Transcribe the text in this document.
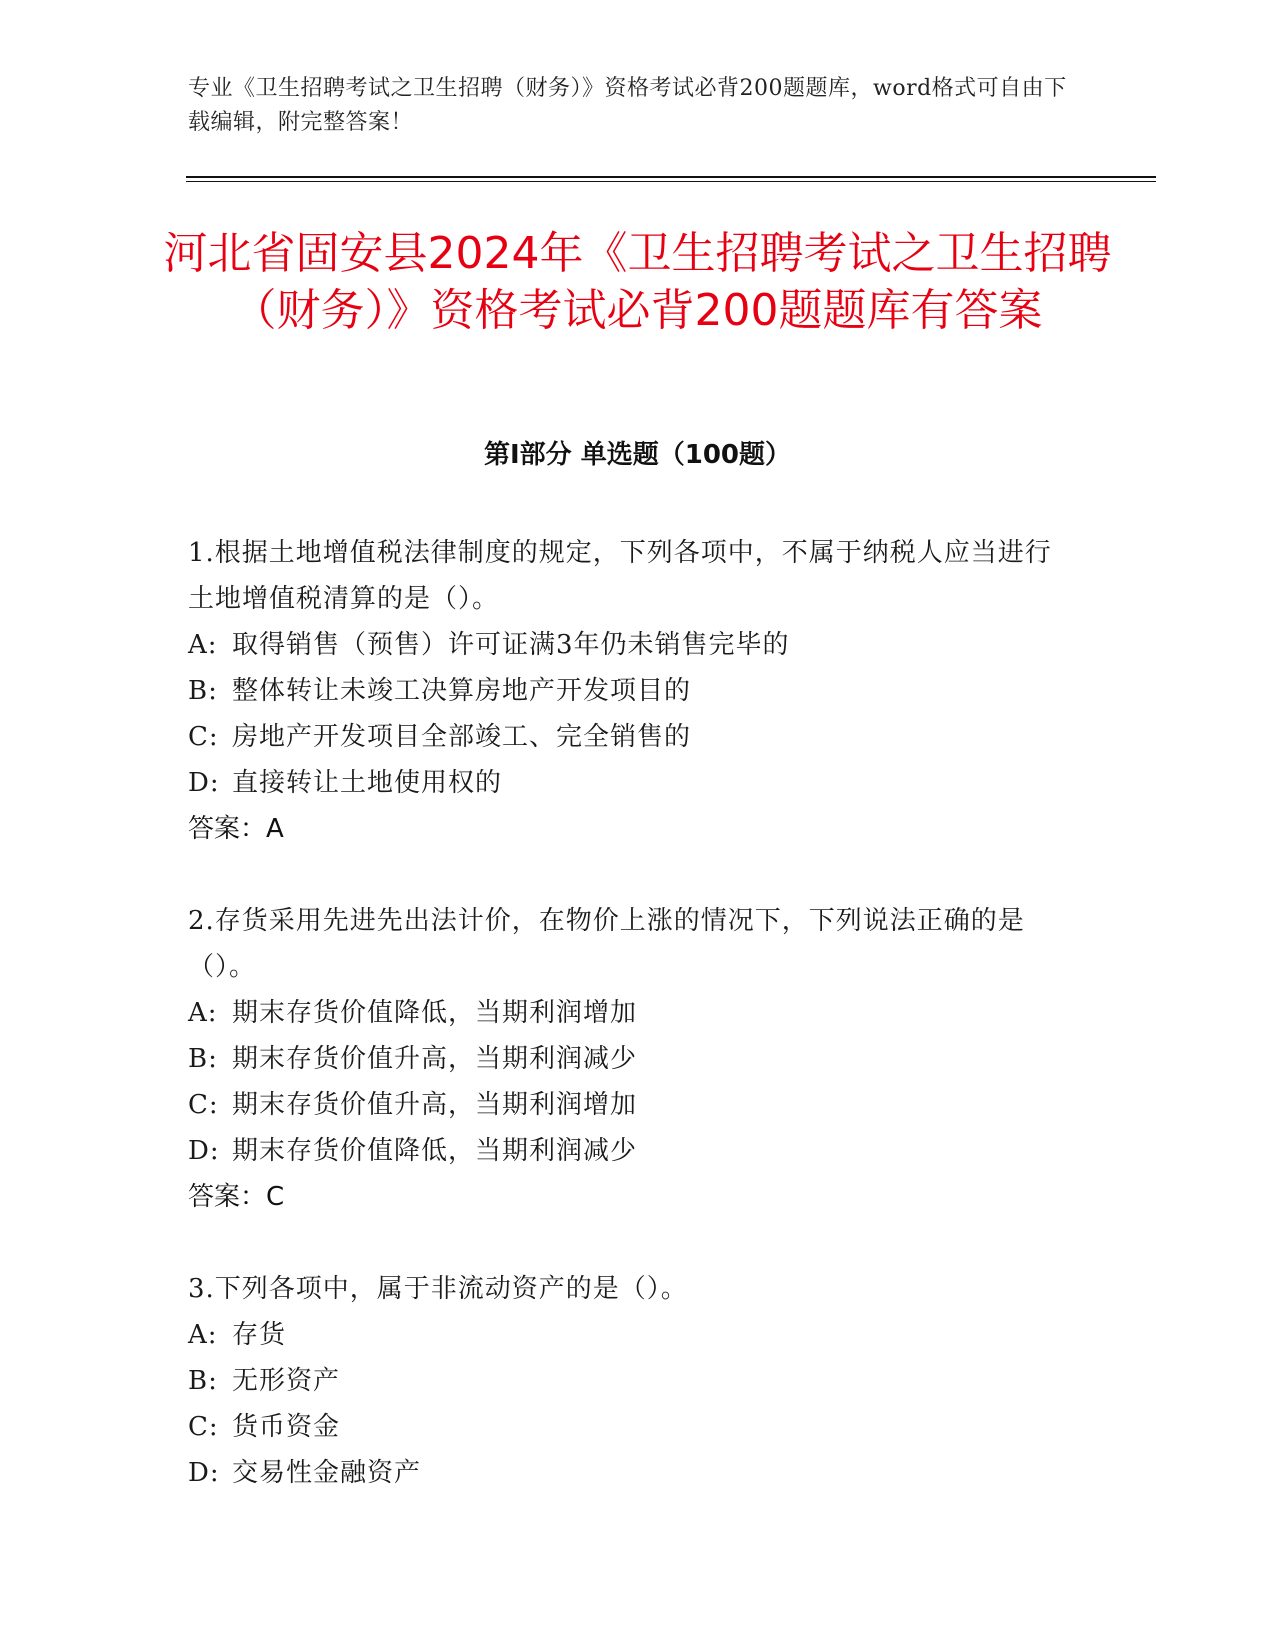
专业《卫生招聘考试之卫生招聘（财务）》资格考试必背200题题库，word格式可自由下载编辑，附完整答案！
河北省固安县2024年《卫生招聘考试之卫生招聘（财务）》资格考试必背200题题库有答案
第I部分 单选题（100题）

1.根据土地增值税法律制度的规定，下列各项中，不属于纳税人应当进行土地增值税清算的是（）。

A: 取得销售（预售）许可证满3年仍未销售完毕的

B: 整体转让未竣工决算房地产开发项目的

C: 房地产开发项目全部竣工、完全销售的

D: 直接转让土地使用权的

答案：A

2.存货采用先进先出法计价，在物价上涨的情况下，下列说法正确的是（）。

A: 期末存货价值降低，当期利润增加

B: 期末存货价值升高，当期利润减少

C: 期末存货价值升高，当期利润增加

D: 期末存货价值降低，当期利润减少

答案：C

3.下列各项中，属于非流动资产的是（）。

A: 存货

B: 无形资产

C: 货币资金

D: 交易性金融资产
